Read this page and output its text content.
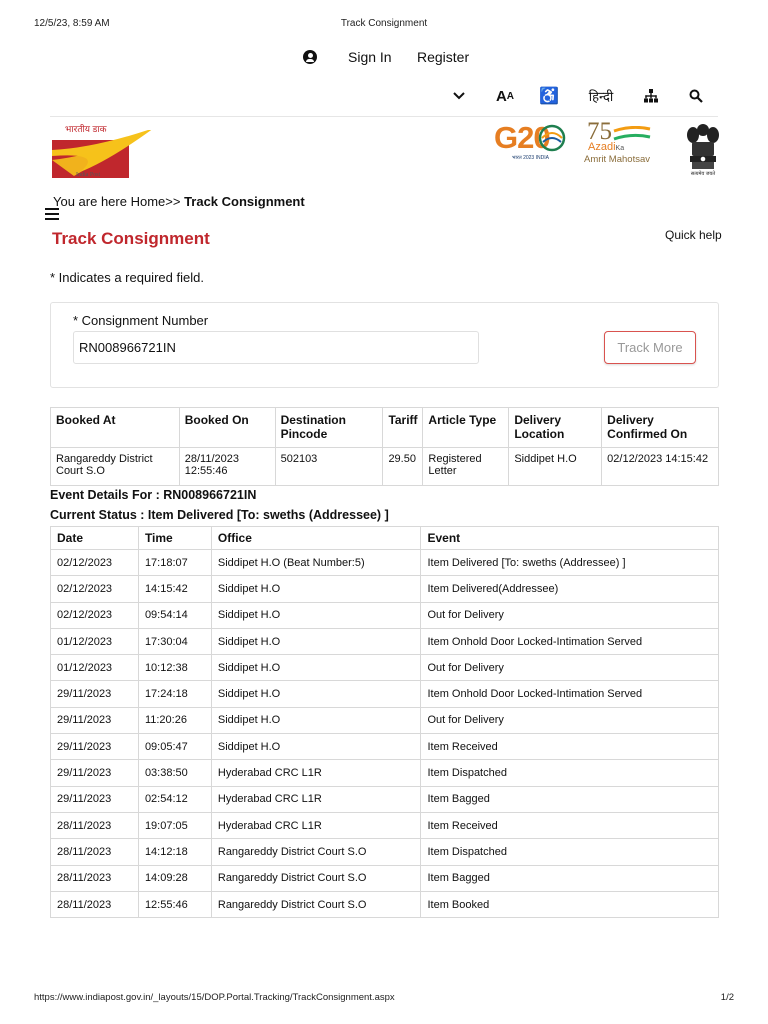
12/5/23, 8:59 AM	Track Consignment
Sign In Register
A A ♿ हिन्दी
भारतीय डाक
India Post
G20
भारत 2023 INDIA
75
AzadiKa
Amrit Mahotsav
सत्यमेव जयते
You are here Home>> Track Consignment
Track Consignment	Quick help
* Indicates a required field.
* Consignment Number
RN008966721IN
Track More
Booked At	Booked On	Destination Pincode	Tariff	Article Type	Delivery Location	Delivery Confirmed On
Rangareddy District Court S.O	28/11/2023 12:55:46	502103	29.50	Registered Letter	Siddipet H.O	02/12/2023 14:15:42
Event Details For : RN008966721IN
Current Status : Item Delivered [To: sweths (Addressee) ]
Date	Time	Office	Event
02/12/2023	17:18:07	Siddipet H.O (Beat Number:5)	Item Delivered [To: sweths (Addressee) ]
02/12/2023	14:15:42	Siddipet H.O	Item Delivered(Addressee)
02/12/2023	09:54:14	Siddipet H.O	Out for Delivery
01/12/2023	17:30:04	Siddipet H.O	Item Onhold Door Locked-Intimation Served
01/12/2023	10:12:38	Siddipet H.O	Out for Delivery
29/11/2023	17:24:18	Siddipet H.O	Item Onhold Door Locked-Intimation Served
29/11/2023	11:20:26	Siddipet H.O	Out for Delivery
29/11/2023	09:05:47	Siddipet H.O	Item Received
29/11/2023	03:38:50	Hyderabad CRC L1R	Item Dispatched
29/11/2023	02:54:12	Hyderabad CRC L1R	Item Bagged
28/11/2023	19:07:05	Hyderabad CRC L1R	Item Received
28/11/2023	14:12:18	Rangareddy District Court S.O	Item Dispatched
28/11/2023	14:09:28	Rangareddy District Court S.O	Item Bagged
28/11/2023	12:55:46	Rangareddy District Court S.O	Item Booked
https://www.indiapost.gov.in/_layouts/15/DOP.Portal.Tracking/TrackConsignment.aspx	1/2
